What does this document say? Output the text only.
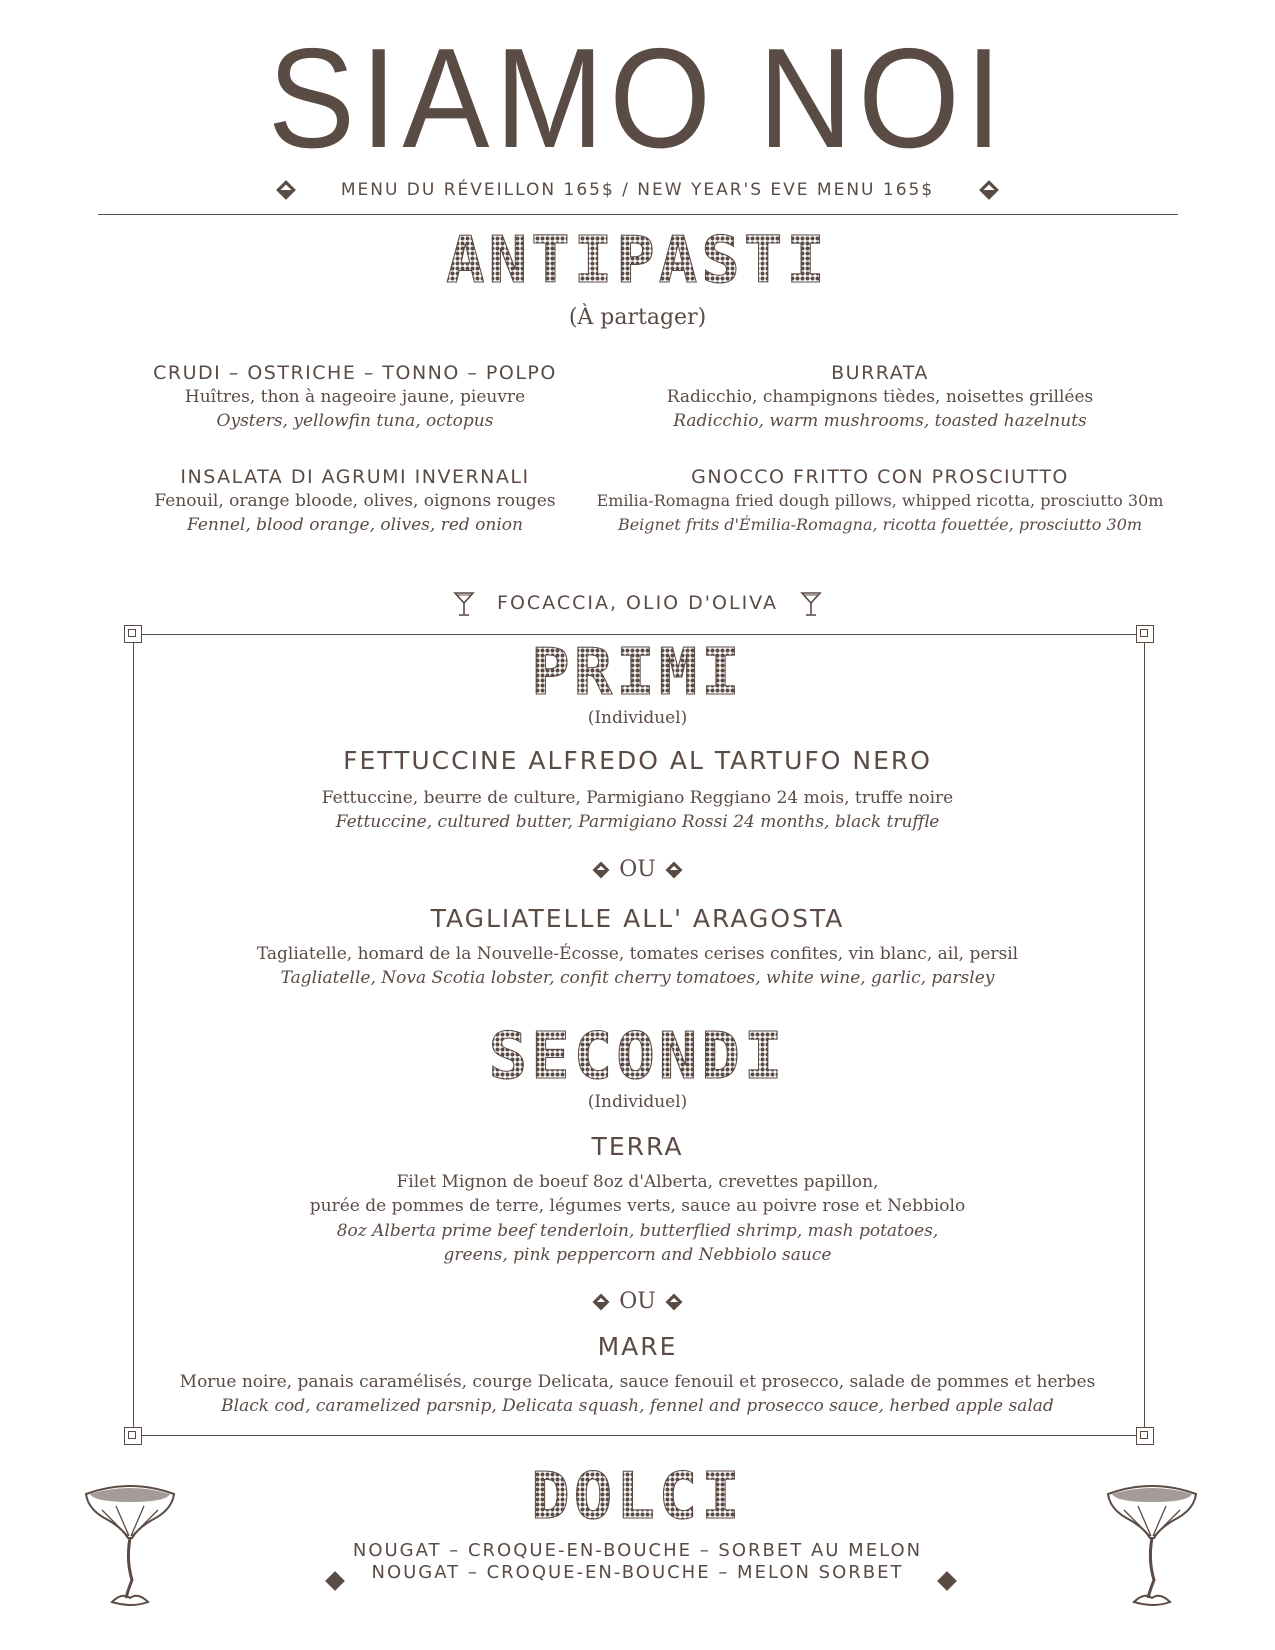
SIAMO NOI
MENU DU RÉVEILLON 165$ / NEW YEAR'S EVE MENU 165$
ANTIPASTI
(À partager)
CRUDI – OSTRICHE – TONNO – POLPO
Huîtres, thon à nageoire jaune, pieuvre
Oysters, yellowfin tuna, octopus
BURRATA
Radicchio, champignons tièdes, noisettes grillées
Radicchio, warm mushrooms, toasted hazelnuts
INSALATA DI AGRUMI INVERNALI
Fenouil, orange bloode, olives, oignons rouges
Fennel, blood orange, olives, red onion
GNOCCO FRITTO CON PROSCIUTTO
Emilia-Romagna fried dough pillows, whipped ricotta, prosciutto 30m
Beignet frits d'Émilia-Romagna, ricotta fouettée, prosciutto 30m
FOCACCIA, OLIO D'OLIVA
PRIMI
(Individuel)
FETTUCCINE ALFREDO AL TARTUFO NERO
Fettuccine, beurre de culture, Parmigiano Reggiano 24 mois, truffe noire
Fettuccine, cultured butter, Parmigiano Rossi 24 months, black truffle
OU
TAGLIATELLE ALL' ARAGOSTA
Tagliatelle, homard de la Nouvelle-Écosse, tomates cerises confites, vin blanc, ail, persil
Tagliatelle, Nova Scotia lobster, confit cherry tomatoes, white wine, garlic, parsley
SECONDI
(Individuel)
TERRA
Filet Mignon de boeuf 8oz d'Alberta, crevettes papillon,
purée de pommes de terre, légumes verts, sauce au poivre rose et Nebbiolo
8oz Alberta prime beef tenderloin, butterflied shrimp, mash potatoes,
greens, pink peppercorn and Nebbiolo sauce
OU
MARE
Morue noire, panais caramélisés, courge Delicata, sauce fenouil et prosecco, salade de pommes et herbes
Black cod, caramelized parsnip, Delicata squash, fennel and prosecco sauce, herbed apple salad
DOLCI
NOUGAT – CROQUE-EN-BOUCHE – SORBET AU MELON
NOUGAT – CROQUE-EN-BOUCHE – MELON SORBET
